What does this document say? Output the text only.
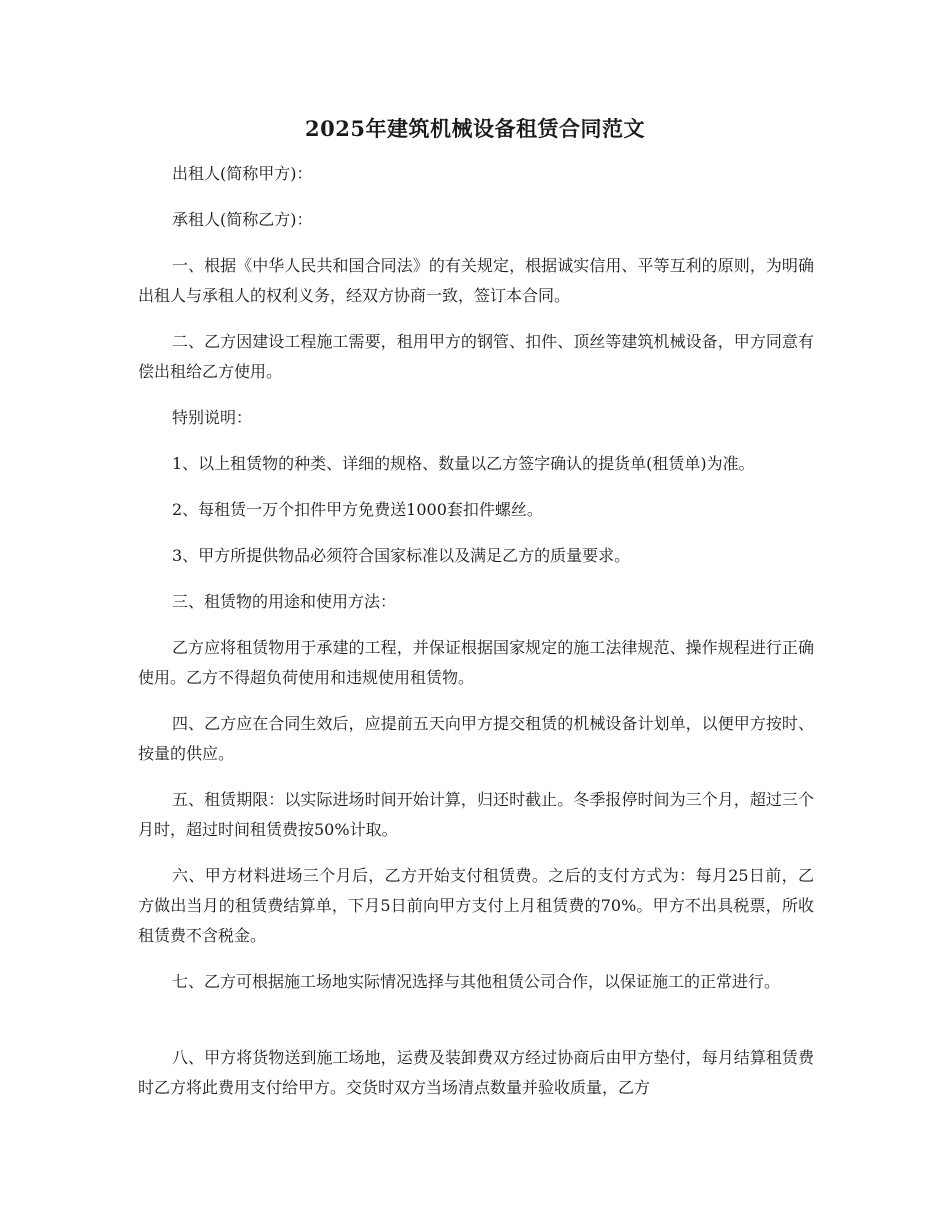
2025年建筑机械设备租赁合同范文

出租人(简称甲方)：

承租人(简称乙方)：

一、根据《中华人民共和国合同法》的有关规定，根据诚实信用、平等互利的原则，为明确出租人与承租人的权利义务，经双方协商一致，签订本合同。

二、乙方因建设工程施工需要，租用甲方的钢管、扣件、顶丝等建筑机械设备，甲方同意有偿出租给乙方使用。

特别说明：

1、以上租赁物的种类、详细的规格、数量以乙方签字确认的提货单(租赁单)为准。

2、每租赁一万个扣件甲方免费送1000套扣件螺丝。

3、甲方所提供物品必须符合国家标准以及满足乙方的质量要求。

三、租赁物的用途和使用方法：

乙方应将租赁物用于承建的工程，并保证根据国家规定的施工法律规范、操作规程进行正确使用。乙方不得超负荷使用和违规使用租赁物。

四、乙方应在合同生效后，应提前五天向甲方提交租赁的机械设备计划单，以便甲方按时、按量的供应。

五、租赁期限：以实际进场时间开始计算，归还时截止。冬季报停时间为三个月，超过三个月时，超过时间租赁费按50%计取。

六、甲方材料进场三个月后，乙方开始支付租赁费。之后的支付方式为：每月25日前，乙方做出当月的租赁费结算单，下月5日前向甲方支付上月租赁费的70%。甲方不出具税票，所收租赁费不含税金。

七、乙方可根据施工场地实际情况选择与其他租赁公司合作，以保证施工的正常进行。

八、甲方将货物送到施工场地，运费及装卸费双方经过协商后由甲方垫付，每月结算租赁费时乙方将此费用支付给甲方。交货时双方当场清点数量并验收质量，乙方
